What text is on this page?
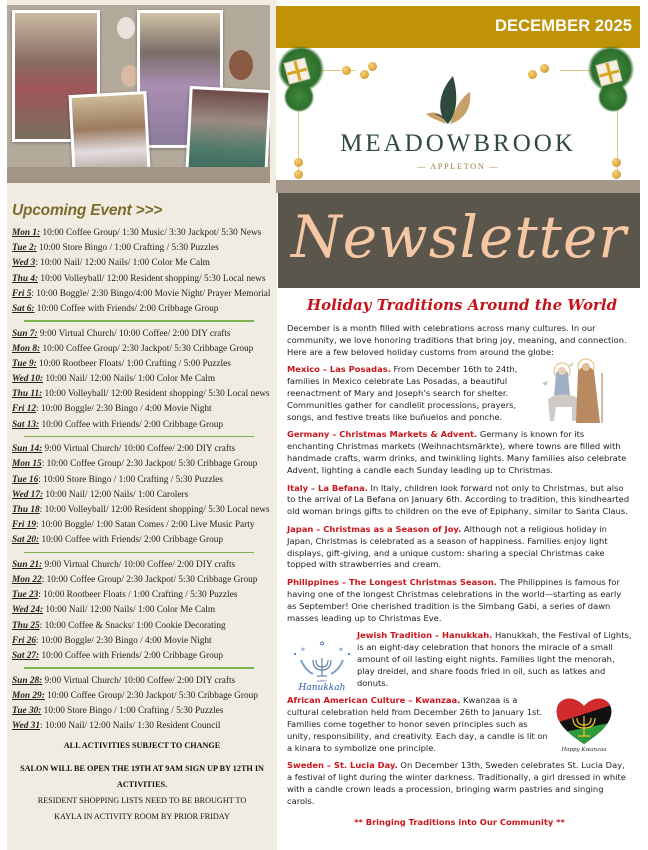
Upcoming Event >>>
Mon 1: 10:00 Coffee Group/ 1:30 Music/ 3:30 Jackpot/ 5:30 News
Tue 2: 10:00 Store Bingo / 1:00 Crafting / 5:30 Puzzles
Wed 3: 10:00 Nail/ 12:00 Nails/ 1:00 Color Me Calm
Thu 4: 10:00 Volleyball/ 12:00 Resident shopping/ 5:30 Local news
Fri 5: 10:00 Boggle/ 2:30 Bingo/4:00 Movie Night/ Prayer Memorial
Sat 6: 10:00 Coffee with Friends/ 2:00 Cribbage Group
Sun 7: 9:00 Virtual Church/ 10:00 Coffee/ 2:00 DIY crafts
Mon 8: 10:00 Coffee Group/ 2:30 Jackpot/ 5:30 Cribbage Group
Tue 9: 10:00 Rootbeer Floats/ 1:00 Crafting / 5:00 Puzzles
Wed 10: 10:00 Nail/ 12:00 Nails/ 1:00 Color Me Calm
Thu 11: 10:00 Volleyball/ 12:00 Resident shopping/ 5:30 Local news
Fri 12: 10:00 Boggle/ 2:30 Bingo / 4:00 Movie Night
Sat 13: 10:00 Coffee with Friends/ 2:00 Cribbage Group
Sun 14: 9:00 Virtual Church/ 10:00 Coffee/ 2:00 DIY crafts
Mon 15: 10:00 Coffee Group/ 2:30 Jackpot/ 5:30 Cribbage Group
Tue 16: 10:00 Store Bingo / 1:00 Crafting / 5:30 Puzzles
Wed 17: 10:00 Nail/ 12:00 Nails/ 1:00 Carolers
Thu 18: 10:00 Volleyball/ 12:00 Resident shopping/ 5:30 Local news
Fri 19: 10:00 Boggle/ 1:00 Satan Comes / 2:00 Live Music Party
Sat 20: 10:00 Coffee with Friends/ 2:00 Cribbage Group
Sun 21: 9:00 Virtual Church/ 10:00 Coffee/ 2:00 DIY crafts
Mon 22: 10:00 Coffee Group/ 2:30 Jackpot/ 5:30 Cribbage Group
Tue 23: 10:00 Rootbeer Floats / 1:00 Crafting / 5:30 Puzzles
Wed 24: 10:00 Nail/ 12:00 Nails/ 1:00 Color Me Calm
Thu 25: 10:00 Coffee & Snacks/ 1:00 Cookie Decorating
Fri 26: 10:00 Boggle/ 2:30 Bingo / 4:00 Movie Night
Sat 27: 10:00 Coffee with Friends/ 2:00 Cribbage Group
Sun 28: 9:00 Virtual Church/ 10:00 Coffee/ 2:00 DIY crafts
Mon 29: 10:00 Coffee Group/ 2:30 Jackpot/ 5:30 Cribbage Group
Tue 30: 10:00 Store Bingo / 1:00 Crafting / 5:30 Puzzles
Wed 31: 10:00 Nail/ 12:00 Nails/ 1:30 Resident Council
ALL ACTIVITIES SUBJECT TO CHANGE
SALON WILL BE OPEN THE 19TH AT 9AM SIGN UP BY 12TH IN ACTIVITIES.
RESIDENT SHOPPING LISTS NEED TO BE BROUGHT TO KAYLA IN ACTIVITY ROOM BY PRIOR FRIDAY
DECEMBER 2025
MEADOWBROOK
— APPLETON —
Newsletter
Holiday Traditions Around the World

December is a month filled with celebrations across many cultures. In our community, we love honoring traditions that bring joy, meaning, and connection. Here are a few beloved holiday customs from around the globe:

Mexico – Las Posadas. From December 16th to 24th, families in Mexico celebrate Las Posadas, a beautiful reenactment of Mary and Joseph’s search for shelter. Communities gather for candlelit processions, prayers, songs, and festive treats like buñuelos and ponche.

Germany – Christmas Markets & Advent. Germany is known for its enchanting Christmas markets (Weihnachtsmärkte), where towns are filled with handmade crafts, warm drinks, and twinkling lights. Many families also celebrate Advent, lighting a candle each Sunday leading up to Christmas.

Italy – La Befana. In Italy, children look forward not only to Christmas, but also to the arrival of La Befana on January 6th. According to tradition, this kindhearted old woman brings gifts to children on the eve of Epiphany, similar to Santa Claus.

Japan – Christmas as a Season of Joy. Although not a religious holiday in Japan, Christmas is celebrated as a season of happiness. Families enjoy light displays, gift-giving, and a unique custom: sharing a special Christmas cake topped with strawberries and cream.

Philippines – The Longest Christmas Season. The Philippines is famous for having one of the longest Christmas celebrations in the world—starting as early as September! One cherished tradition is the Simbang Gabi, a series of dawn masses leading up to Christmas Eve.

Jewish Tradition – Hanukkah. Hanukkah, the Festival of Lights, is an eight-day celebration that honors the miracle of a small amount of oil lasting eight nights. Families light the menorah, play dreidel, and share foods fried in oil, such as latkes and donuts.

African American Culture – Kwanzaa. Kwanzaa is a cultural celebration held from December 26th to January 1st. Families come together to honor seven principles such as unity, responsibility, and creativity. Each day, a candle is lit on a kinara to symbolize one principle.

Sweden – St. Lucia Day. On December 13th, Sweden celebrates St. Lucia Day, a festival of light during the winter darkness. Traditionally, a girl dressed in white with a candle crown leads a procession, bringing warm pastries and singing carols.

** Bringing Traditions into Our Community **

✡
✡	✡
HAPPY
Hanukkah
Happy Kwanzaa
